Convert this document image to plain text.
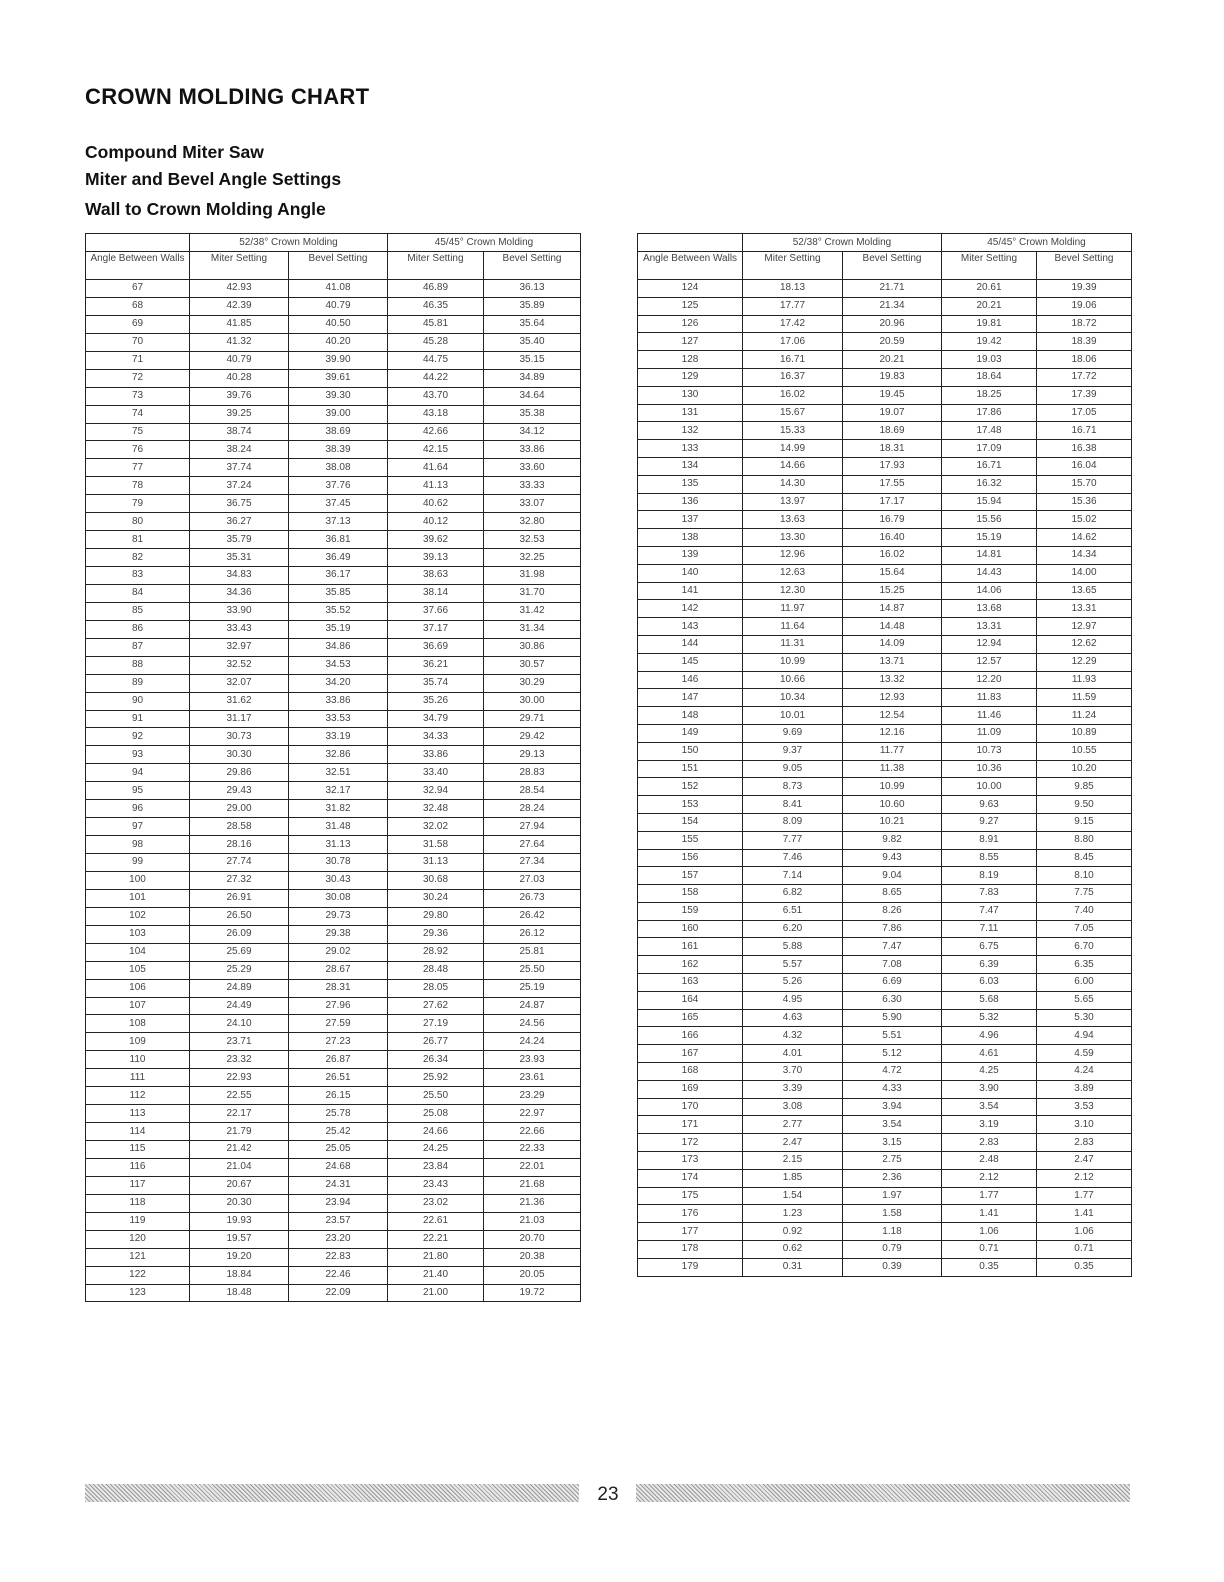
CROWN MOLDING CHART
Compound Miter Saw
Miter and Bevel Angle Settings
Wall to Crown Molding Angle
	52/38° Crown Molding		45/45° Crown Molding	
Angle Between Walls	Miter Setting	Bevel Setting	Miter Setting	Bevel Setting
67	42.93	41.08	46.89	36.13
68	42.39	40.79	46.35	35.89
69	41.85	40.50	45.81	35.64
70	41.32	40.20	45.28	35.40
71	40.79	39.90	44.75	35.15
72	40.28	39.61	44.22	34.89
73	39.76	39.30	43.70	34.64
74	39.25	39.00	43.18	35.38
75	38.74	38.69	42.66	34.12
76	38.24	38.39	42.15	33.86
77	37.74	38.08	41.64	33.60
78	37.24	37.76	41.13	33.33
79	36.75	37.45	40.62	33.07
80	36.27	37.13	40.12	32.80
81	35.79	36.81	39.62	32.53
82	35.31	36.49	39.13	32.25
83	34.83	36.17	38.63	31.98
84	34.36	35.85	38.14	31.70
85	33.90	35.52	37.66	31.42
86	33.43	35.19	37.17	31.34
87	32.97	34.86	36.69	30.86
88	32.52	34.53	36.21	30.57
89	32.07	34.20	35.74	30.29
90	31.62	33.86	35.26	30.00
91	31.17	33.53	34.79	29.71
92	30.73	33.19	34.33	29.42
93	30.30	32.86	33.86	29.13
94	29.86	32.51	33.40	28.83
95	29.43	32.17	32.94	28.54
96	29.00	31.82	32.48	28.24
97	28.58	31.48	32.02	27.94
98	28.16	31.13	31.58	27.64
99	27.74	30.78	31.13	27.34
100	27.32	30.43	30.68	27.03
101	26.91	30.08	30.24	26.73
102	26.50	29.73	29.80	26.42
103	26.09	29.38	29.36	26.12
104	25.69	29.02	28.92	25.81
105	25.29	28.67	28.48	25.50
106	24.89	28.31	28.05	25.19
107	24.49	27.96	27.62	24.87
108	24.10	27.59	27.19	24.56
109	23.71	27.23	26.77	24.24
110	23.32	26.87	26.34	23.93
111	22.93	26.51	25.92	23.61
112	22.55	26.15	25.50	23.29
113	22.17	25.78	25.08	22.97
114	21.79	25.42	24.66	22.66
115	21.42	25.05	24.25	22.33
116	21.04	24.68	23.84	22.01
117	20.67	24.31	23.43	21.68
118	20.30	23.94	23.02	21.36
119	19.93	23.57	22.61	21.03
120	19.57	23.20	22.21	20.70
121	19.20	22.83	21.80	20.38
122	18.84	22.46	21.40	20.05
123	18.48	22.09	21.00	19.72
	52/38° Crown Molding		45/45° Crown Molding	
Angle Between Walls	Miter Setting	Bevel Setting	Miter Setting	Bevel Setting
124	18.13	21.71	20.61	19.39
125	17.77	21.34	20.21	19.06
126	17.42	20.96	19.81	18.72
127	17.06	20.59	19.42	18.39
128	16.71	20.21	19.03	18.06
129	16.37	19.83	18.64	17.72
130	16.02	19.45	18.25	17.39
131	15.67	19.07	17.86	17.05
132	15.33	18.69	17.48	16.71
133	14.99	18.31	17.09	16.38
134	14.66	17.93	16.71	16.04
135	14.30	17.55	16.32	15.70
136	13.97	17.17	15.94	15.36
137	13.63	16.79	15.56	15.02
138	13.30	16.40	15.19	14.62
139	12.96	16.02	14.81	14.34
140	12.63	15.64	14.43	14.00
141	12.30	15.25	14.06	13.65
142	11.97	14.87	13.68	13.31
143	11.64	14.48	13.31	12.97
144	11.31	14.09	12.94	12.62
145	10.99	13.71	12.57	12.29
146	10.66	13.32	12.20	11.93
147	10.34	12.93	11.83	11.59
148	10.01	12.54	11.46	11.24
149	9.69	12.16	11.09	10.89
150	9.37	11.77	10.73	10.55
151	9.05	11.38	10.36	10.20
152	8.73	10.99	10.00	9.85
153	8.41	10.60	9.63	9.50
154	8.09	10.21	9.27	9.15
155	7.77	9.82	8.91	8.80
156	7.46	9.43	8.55	8.45
157	7.14	9.04	8.19	8.10
158	6.82	8.65	7.83	7.75
159	6.51	8.26	7.47	7.40
160	6.20	7.86	7.11	7.05
161	5.88	7.47	6.75	6.70
162	5.57	7.08	6.39	6.35
163	5.26	6.69	6.03	6.00
164	4.95	6.30	5.68	5.65
165	4.63	5.90	5.32	5.30
166	4.32	5.51	4.96	4.94
167	4.01	5.12	4.61	4.59
168	3.70	4.72	4.25	4.24
169	3.39	4.33	3.90	3.89
170	3.08	3.94	3.54	3.53
171	2.77	3.54	3.19	3.10
172	2.47	3.15	2.83	2.83
173	2.15	2.75	2.48	2.47
174	1.85	2.36	2.12	2.12
175	1.54	1.97	1.77	1.77
176	1.23	1.58	1.41	1.41
177	0.92	1.18	1.06	1.06
178	0.62	0.79	0.71	0.71
179	0.31	0.39	0.35	0.35
23
